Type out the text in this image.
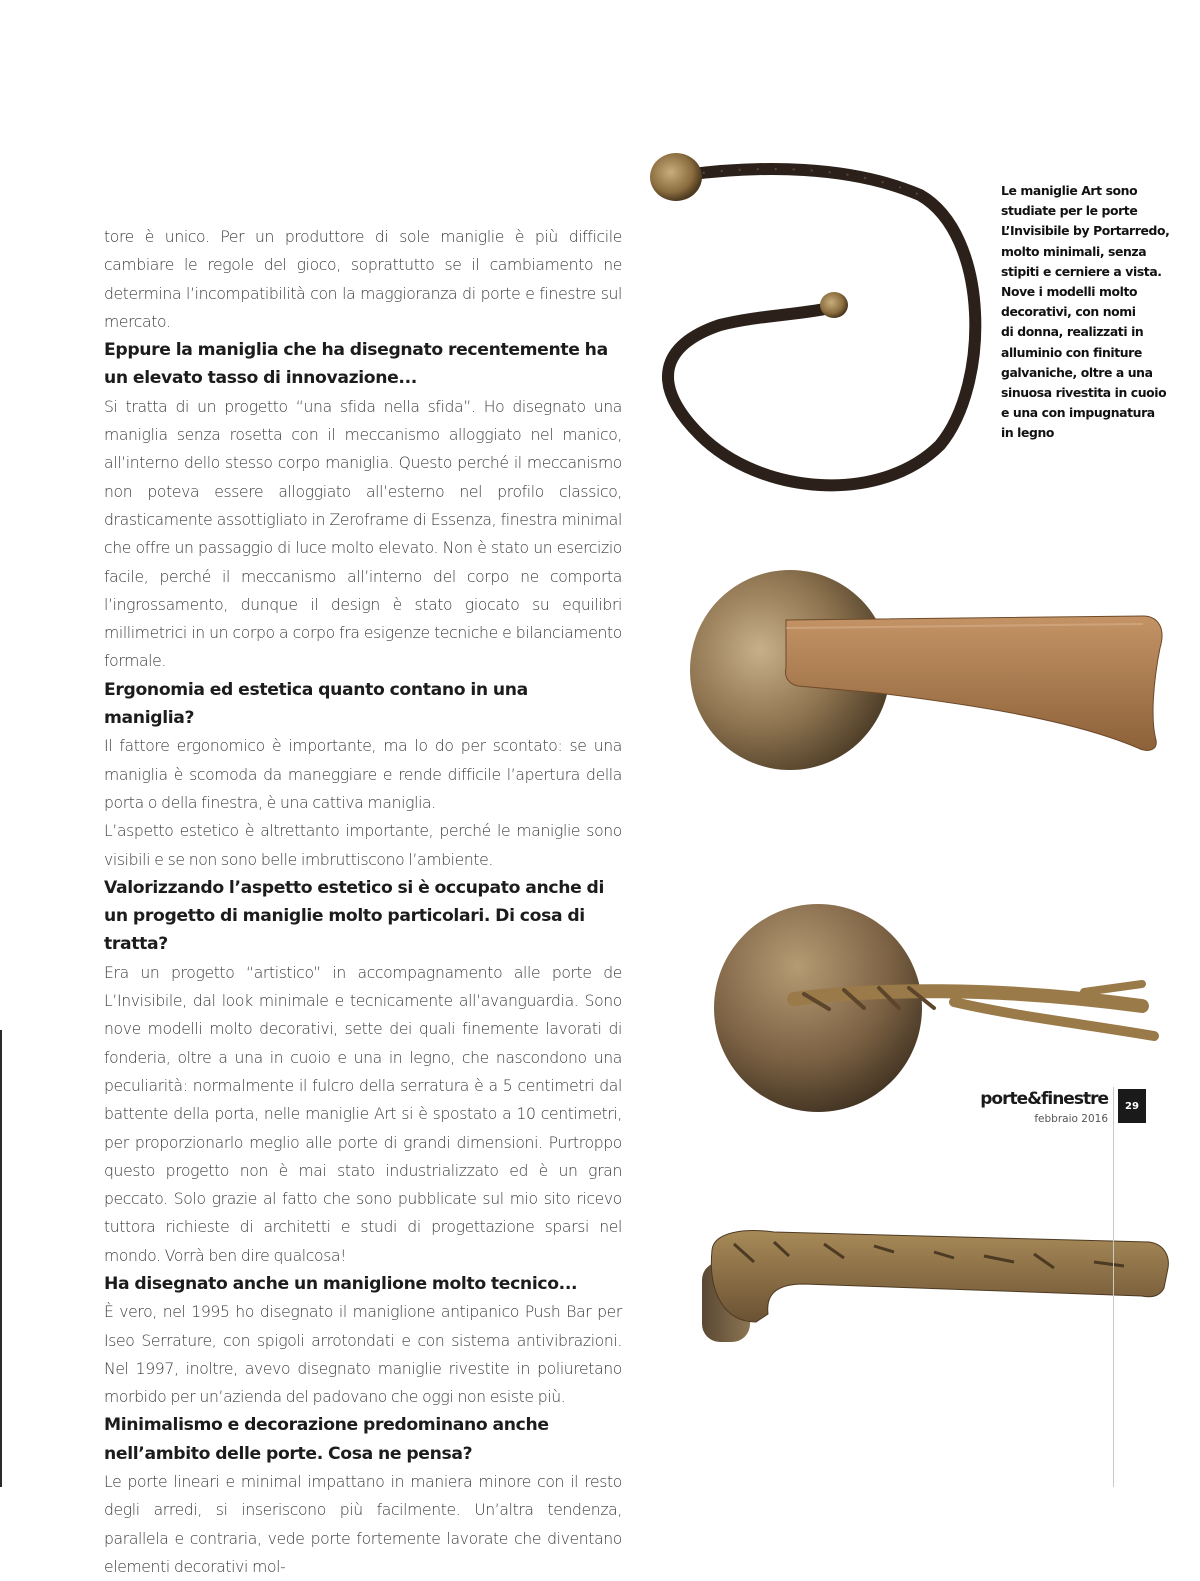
tore è unico. Per un produttore di sole maniglie è più difficile cambiare le regole del gioco, soprattutto se il cambiamento ne determina l’incompatibilità con la maggioranza di porte e finestre sul mercato.

Eppure la maniglia che ha disegnato recentemente ha un elevato tasso di innovazione...

Si tratta di un progetto “una sfida nella sfida”. Ho disegnato una maniglia senza rosetta con il meccanismo alloggiato nel manico, all’interno dello stesso corpo maniglia. Questo perché il meccanismo non poteva essere alloggiato all’esterno nel profilo classico, drasticamente assottigliato in Zeroframe di Essenza, finestra minimal che offre un passaggio di luce molto elevato. Non è stato un esercizio facile, perché il meccanismo all’interno del corpo ne comporta l’ingrossamento, dunque il design è stato giocato su equilibri millimetrici in un corpo a corpo fra esigenze tecniche e bilanciamento formale.

Ergonomia ed estetica quanto contano in una maniglia?

Il fattore ergonomico è importante, ma lo do per scontato: se una maniglia è scomoda da maneggiare e rende difficile l’apertura della porta o della finestra, è una cattiva maniglia.

L’aspetto estetico è altrettanto importante, perché le maniglie sono visibili e se non sono belle imbruttiscono l’ambiente.

Valorizzando l’aspetto estetico si è occupato anche di un progetto di maniglie molto particolari. Di cosa di tratta?

Era un progetto “artistico” in accompagnamento alle porte de L’Invisibile, dal look minimale e tecnicamente all’avanguardia. Sono nove modelli molto decorativi, sette dei quali finemente lavorati di fonderia, oltre a una in cuoio e una in legno, che nascondono una peculiarità: normalmente il fulcro della serratura è a 5 centimetri dal battente della porta, nelle maniglie Art si è spostato a 10 centimetri, per proporzionarlo meglio alle porte di grandi dimensioni. Purtroppo questo progetto non è mai stato industrializzato ed è un gran peccato. Solo grazie al fatto che sono pubblicate sul mio sito ricevo tuttora richieste di architetti e studi di progettazione sparsi nel mondo. Vorrà ben dire qualcosa!

Ha disegnato anche un maniglione molto tecnico...

È vero, nel 1995 ho disegnato il maniglione antipanico Push Bar per Iseo Serrature, con spigoli arrotondati e con sistema antivibrazioni. Nel 1997, inoltre, avevo disegnato maniglie rivestite in poliuretano morbido per un’azienda del padovano che oggi non esiste più.

Minimalismo e decorazione predominano anche nell’ambito delle porte. Cosa ne pensa?

Le porte lineari e minimal impattano in maniera minore con il resto degli arredi, si inseriscono più facilmente. Un’altra tendenza, parallela e contraria, vede porte fortemente lavorate che diventano elementi decorativi mol-

Le maniglie Art sono
studiate per le porte
L’Invisibile by Portarredo,
molto minimali, senza
stipiti e cerniere a vista.
Nove i modelli molto
decorativi, con nomi
di donna, realizzati in
alluminio con finiture
galvaniche, oltre a una
sinuosa rivestita in cuoio
e una con impugnatura
in legno
porte&finestre
febbraio 2016
29
